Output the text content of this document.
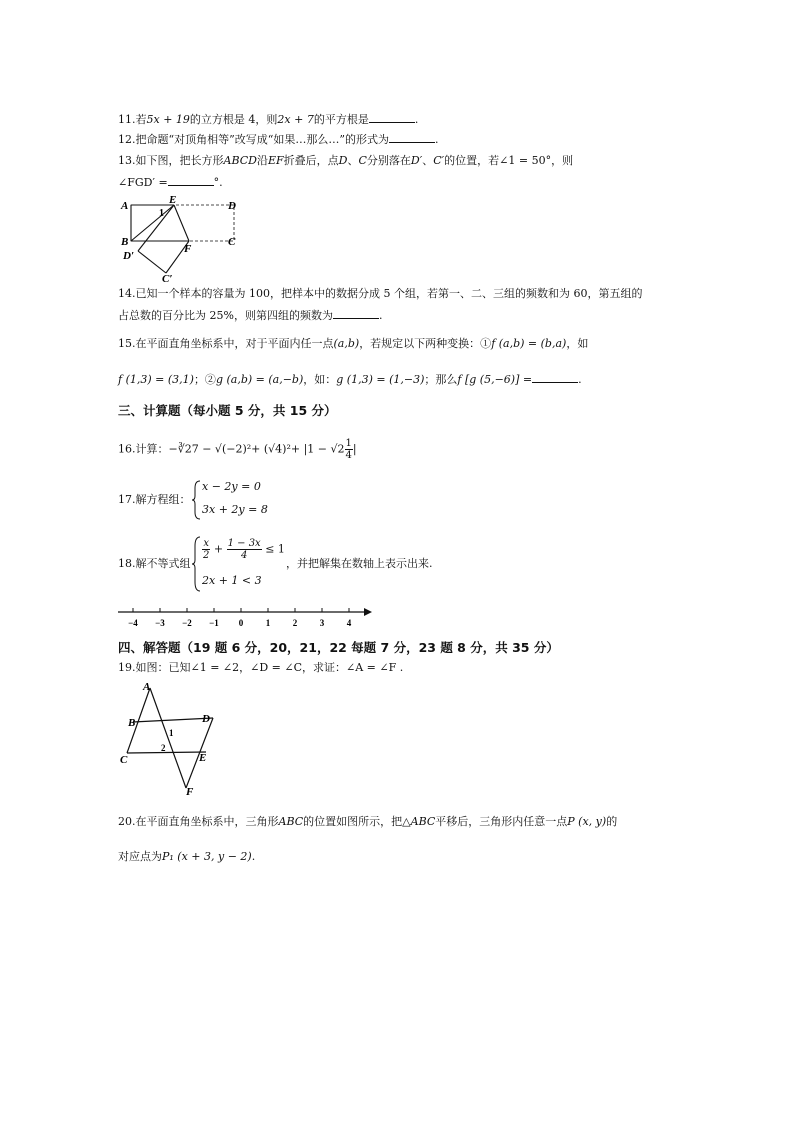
11.若5x + 19的立方根是 4，则2x + 7的平方根是	.
12.把命题“对顶角相等”改写成“如果…那么…”的形式为	.
13.如下图，把长方形ABCD沿EF折叠后，点D、C分别落在D′、C′的位置，若∠1 = 50°，则
∠FGD′ =	°.
A	E	D
1
B	C
F
D′
C′
14.已知一个样本的容量为 100，把样本中的数据分成 5 个组，若第一、二、三组的频数和为 60，第五组的
占总数的百分比为 25%，则第四组的频数为	.
15.在平面直角坐标系中，对于平面内任一点(a,b)，若规定以下两种变换：①f (a,b) = (b,a)，如
f (1,3) = (3,1)；②g (a,b) = (a,−b)，如：g (1,3) = (1,−3)；那么f [g (5,−6)] =	.
三、计算题（每小题 5 分，共 15 分）
16.计算：−∛27 − $√(-2)^2+ (√4)^2+ |1 - √2 \frac{1}{4}$ |
17.解方程组：
x − 2y = 0
3x + 2y = 8
18.解不等式组
$\frac{x}{2} + \frac{1 - 3x}{4} \le 1$
2x + 1 < 3
，并把解集在数轴上表示出来.
−4 −3 −2 −1 0	1	2	3	4
四、解答题（19 题 6 分，20，21，22 每题 7 分，23 题 8 分，共 35 分）
19.如图：已知∠1 = ∠2，∠D = ∠C，求证：∠A = ∠F .
A
B	D
1
2
C	E
F
20.在平面直角坐标系中，三角形ABC的位置如图所示，把△ABC平移后，三角形内任意一点P (x, y)的
对应点为P₁ (x + 3, y − 2).
